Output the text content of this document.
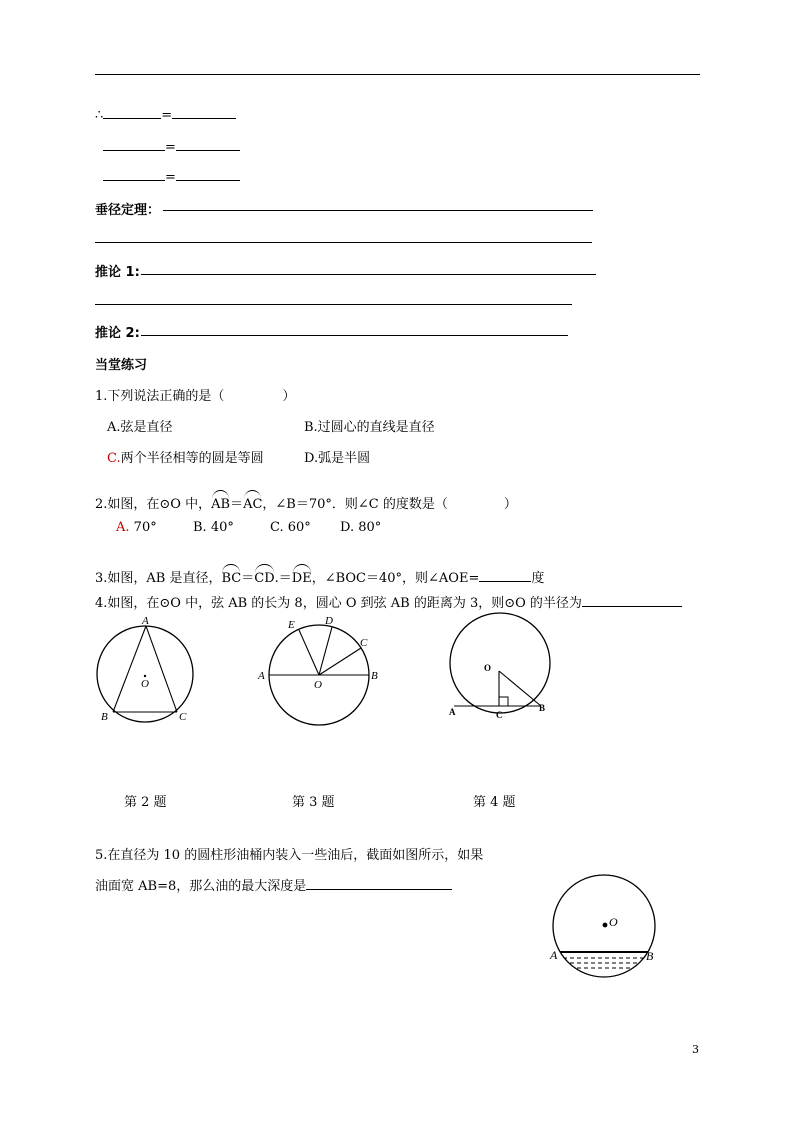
∴	=
=
=
垂径定理：
推论 1:
推论 2:
当堂练习
1.下列说法正确的是（	）
A.弦是直径	B.过圆心的直线是直径
C.两个半径相等的圆是等圆	D.弧是半圆
2.如图，在⊙O 中，AB＝AC，∠B＝70°．则∠C 的度数是（	）
A. 70°	B. 40°	C. 60° D. 80°
3.如图，AB 是直径，BC＝CD.＝DE，∠BOC＝40°，则∠AOE=	度
4.如图，在⊙O 中，弦 AB 的长为 8，圆心 O 到弦 AB 的距离为 3，则⊙O 的半径为
A
O
B	C
第 2 题
A	B
O
C
D
E
第 3 题
O
A	C
B
第 4 题
5.在直径为 10 的圆柱形油桶内装入一些油后，截面如图所示，如果
油面宽 AB=8，那么油的最大深度是
O
A	B
3
